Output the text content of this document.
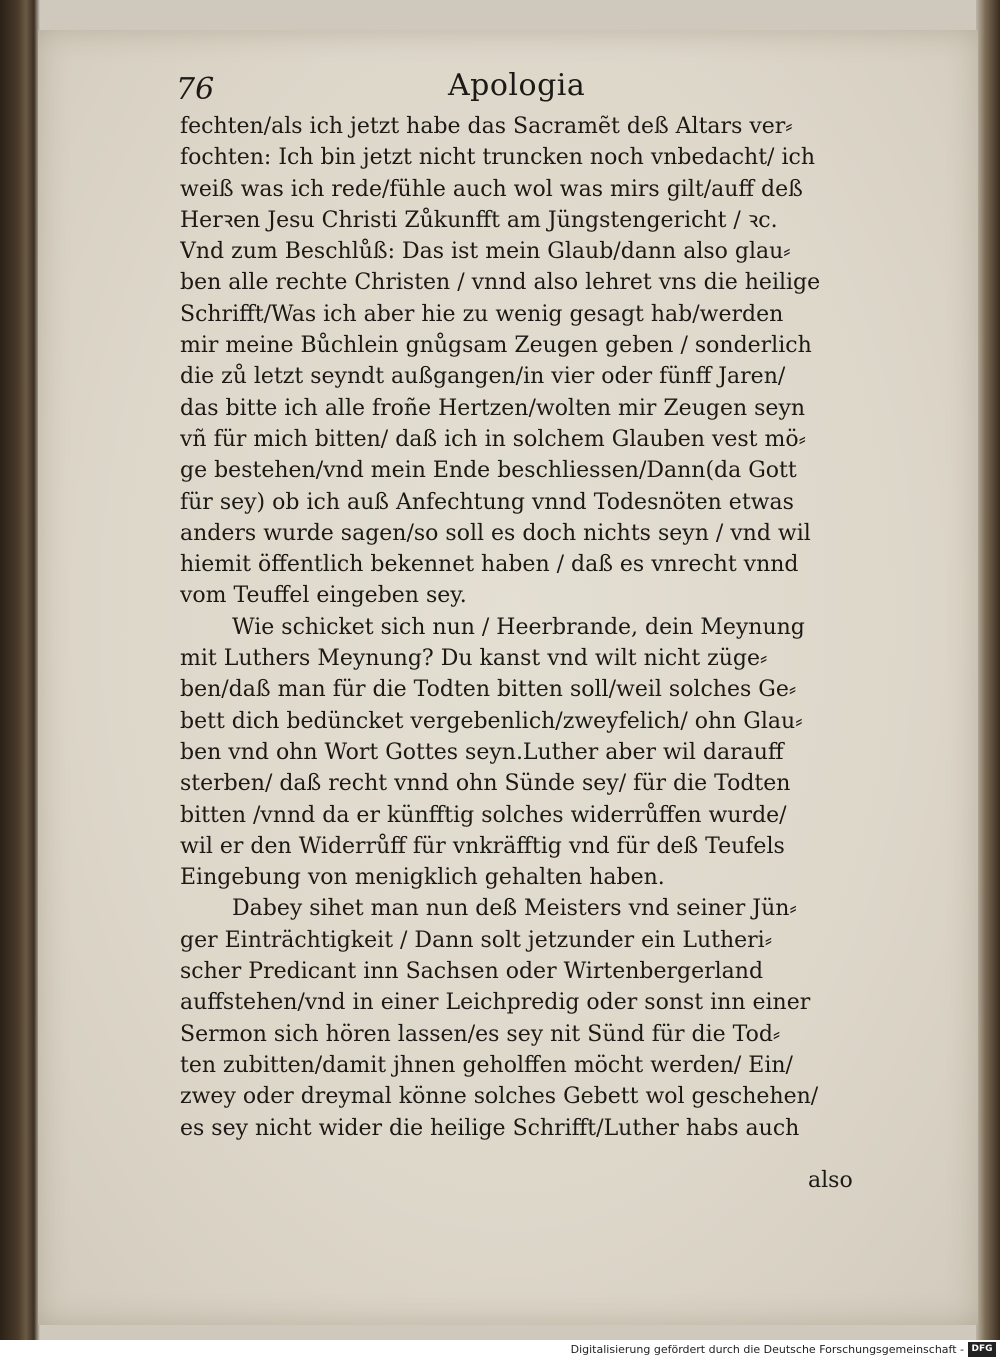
76	Apologia
fechten/als ich jetzt habe das Sacramẽt deß Altars ver⸗
fochten: Ich bin jetzt nicht truncken noch vnbedacht/ ich
weiß was ich rede/fühle auch wol was mirs gilt/auff deß
Herꝛen Jesu Christi Zůkunfft am Jüngstengericht / ꝛc.
Vnd zum Beschlůß: Das ist mein Glaub/dann also glau⸗
ben alle rechte Christen / vnnd also lehret vns die heilige
Schrifft/Was ich aber hie zu wenig gesagt hab/werden
mir meine Bůchlein gnůgsam Zeugen geben / sonderlich
die zů letzt seyndt außgangen/in vier oder fünff Jaren/
das bitte ich alle froñe Hertzen/wolten mir Zeugen seyn
vñ für mich bitten/ daß ich in solchem Glauben vest mö⸗
ge bestehen/vnd mein Ende beschliessen/Dann(da Gott
für sey) ob ich auß Anfechtung vnnd Todesnöten etwas
anders wurde sagen/so soll es doch nichts seyn / vnd wil
hiemit öffentlich bekennet haben / daß es vnrecht vnnd
vom Teuffel eingeben sey.
Wie schicket sich nun / Heerbrande, dein Meynung
mit Luthers Meynung? Du kanst vnd wilt nicht züge⸗
ben/daß man für die Todten bitten soll/weil solches Ge⸗
bett dich bedüncket vergebenlich/zweyfelich/ ohn Glau⸗
ben vnd ohn Wort Gottes seyn.Luther aber wil darauff
sterben/ daß recht vnnd ohn Sünde sey/ für die Todten
bitten /vnnd da er künfftig solches widerrůffen wurde/
wil er den Widerrůff für vnkräfftig vnd für deß Teufels
Eingebung von menigklich gehalten haben.
Dabey sihet man nun deß Meisters vnd seiner Jün⸗
ger Einträchtigkeit / Dann solt jetzunder ein Lutheri⸗
scher Predicant inn Sachsen oder Wirtenbergerland
auffstehen/vnd in einer Leichpredig oder sonst inn einer
Sermon sich hören lassen/es sey nit Sünd für die Tod⸗
ten zubitten/damit jhnen geholffen möcht werden/ Ein/
zwey oder dreymal könne solches Gebett wol geschehen/
es sey nicht wider die heilige Schrifft/Luther habs auch
also
Digitalisierung gefördert durch die Deutsche Forschungsgemeinschaft - DFG
